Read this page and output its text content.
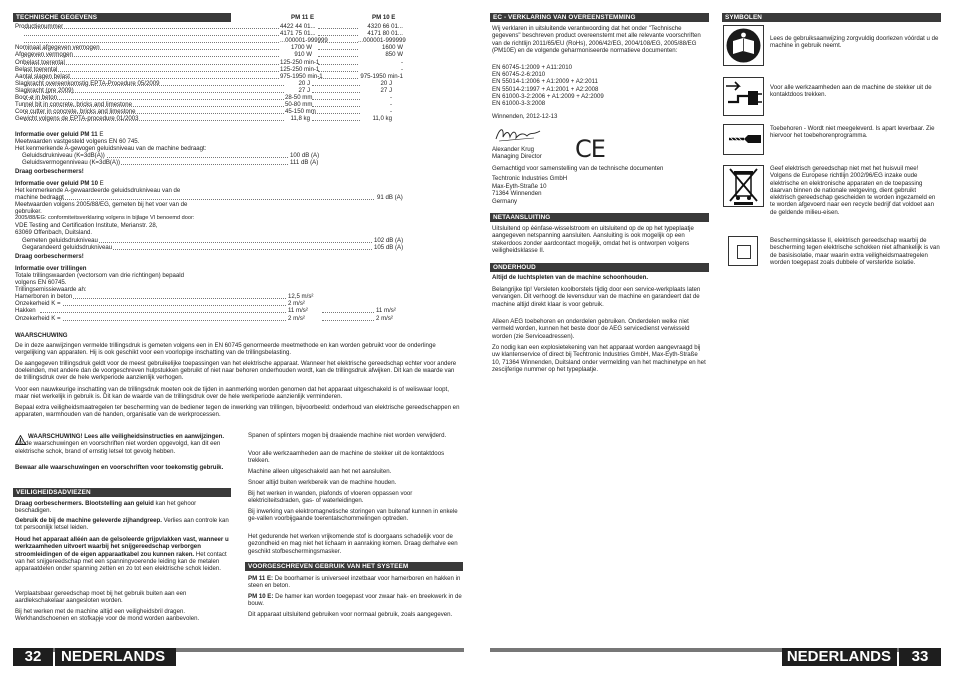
TECHNISCHE GEGEVENS	PM 11 E	PM 10 E
Productienummer	4422 44 01...	4320 66 01...
4171 75 01...	4171 80 01...
...000001-999999	...000001-999999
Nominaal afgegeven vermogen	1700 W	1600 W
Afgegeven vermogen	910 W	850 W
Onbelast toerental	125-250 min-1	-
Belast toerental	125-250 min-1	-
Aantal slagen belast	975-1950 min-1	975-1950 min-1
Slagkracht overeenkomstig EPTA-Procedure 05/2009	20 J	20 J
Slagkracht (pre 2009)	27 J	27 J
Boor-ø in beton	28-50 mm	-
Tunnel bit in concrete, bricks and limestone	50-80 mm	-
Core cutter in concrete, bricks and limestone	45-150 mm	-
Gewicht volgens de EPTA-procedure 01/2003	11,8 kg	11,0 kg
Informatie over geluid PM 11 E
Meetwaarden vastgesteld volgens EN 60 745.
Het kenmerkende A-gewogen geluidsniveau van de machine bedraagt:
Geluidsdrukniveau (K=3dB(A))	100 dB (A)
Geluidsvermogenniveau (K=3dB(A))	111 dB (A)
Draag oorbeschermers!
Informatie over geluid PM 10 E
Het kenmerkende A-gewaardeerde geluidsdrukniveau van de
machine bedraagt	91 dB (A)
Meetwaarden volgens 2005/88/EG, gemeten bij het voer van de
gebruiker.
2005/88/EG: conformiteitsverklaring volgens in bijlage VI benoemd door:
VDE Testing and Certification Institute, Merianstr. 28,
63069 Offenbach, Duitsland.
Gemeten geluidsdrukniveau	102 dB (A)
Gegarandeerd geluidsdrukniveau	105 dB (A)
Draag oorbeschermers!
Informatie over trillingen
Totale trillingswaarden (vectorsom van drie richtingen) bepaald
volgens EN 60745.
Trillingsemissiewaarde ah:
Hamerboren in beton	12,5 m/s²
Onzekerheid K =	2 m/s²
Hakken	11 m/s²	11 m/s²
Onzekerheid K =	2 m/s²	2 m/s²
WAARSCHUWING
De in deze aanwijzingen vermelde trillingsdruk is gemeten volgens een in EN 60745 genormeerde meetmethode en kan worden gebruikt voor de onderlinge vergelijking van apparaten. Hij is ook geschikt voor een voorlopige inschatting van de trillingsbelasting.
De aangegeven trillingsdruk geldt voor de meest gebruikelijke toepassingen van het elektrische apparaat. Wanneer het elektrische gereedschap echter voor andere doeleinden, met andere dan de voorgeschreven hulpstukken gebruikt of niet naar behoren onderhouden wordt, kan de trillingsdruk afwijken. Dit kan de waarde van de trillingsdruk over de hele werkperiode aanzienlijk verhogen.
Voor een nauwkeurige inschatting van de trillingsdruk moeten ook de tijden in aanmerking worden genomen dat het apparaat uitgeschakeld is of weliswaar loopt, maar niet werkelijk in gebruik is. Dit kan de waarde van de trillingsdruk over de hele werkperiode aanzienlijk verminderen.
Bepaal extra veiligheidsmaatregelen ter bescherming van de bediener tegen de inwerking van trillingen, bijvoorbeeld: onderhoud van elektrische gereedschappen en apparaten, warmhouden van de handen, organisatie van de werkprocessen.
WAARSCHUWING! Lees alle veiligheidsinstructies en aanwijzingen. Als de waarschuwingen en voorschriften niet worden opgevolgd, kan dit een elektrische schok, brand of ernstig letsel tot gevolg hebben.
Bewaar alle waarschuwingen en voorschriften voor toekomstig gebruik.
VEILIGHEIDSADVIEZEN
Draag oorbeschermers. Blootstelling aan geluid kan het gehoor beschadigen.
Gebruik de bij de machine geleverde zijhandgreep. Verlies aan controle kan tot persoonlijk letsel leiden.
Houd het apparaat alléén aan de geïsoleerde grijpvlakken vast, wanneer u werkzaamheden uitvoert waarbij het snijgereedschap verborgen stroomleidingen of de eigen apparaatkabel zou kunnen raken. Het contact van het snijgereedschap met een spanningvoerende leiding kan de metalen apparaatdelen onder spanning zetten en zo tot een elektrische schok leiden.
Verplaatsbaar gereedschap moet bij het gebruik buiten aan een aardlekschakelaar aangesloten worden.
Bij het werken met de machine altijd een veiligheidsbril dragen. Werkhandschoenen en stofkapje voor de mond worden aanbevolen.
Spanen of splinters mogen bij draaiende machine niet worden verwijderd.
Voor alle werkzaamheden aan de machine de stekker uit de kontaktdoos trekken.
Machine alleen uitgeschakeld aan het net aansluiten.
Snoer altijd buiten werkbereik van de machine houden.
Bij het werken in wanden, plafonds of vloeren oppassen voor elektriciteitsdraden, gas- of waterleidingen.
Bij inwerking van elektromagnetische storingen van buitenaf kunnen in enkele ge-vallen voorbijgaande toerentalschommelingen optreden.
Het gedurende het werken vrijkomende stof is doorgaans schadelijk voor de gezondheid en mag niet het lichaam in aanraking komen. Draag derhalve een geschikt stofbeschermingsmasker.
VOORGESCHREVEN GEBRUIK VAN HET SYSTEEM
PM 11 E: De boorhamer is universeel inzetbaar voor hamerboren en hakken in steen en beton.
PM 10 E: De hamer kan worden toegepast voor zwaar hak- en breekwerk in de bouw.
Dit apparaat uitsluitend gebruiken voor normaal gebruik, zoals aangegeven.
32	NEDERLANDS
EC - VERKLARING VAN OVEREENSTEMMING
Wij verklaren in uitsluitende verantwoording dat het onder "Technische gegevens" beschreven product overeenstemt met alle relevante voorschriften van de richtlijn 2011/65/EU (RoHs), 2006/42/EG, 2004/108/EG, 2005/88/EG (PM10E) en de volgende geharmoniseerde normatieve documenten:
EN 60745-1:2009 + A11:2010
EN 60745-2-6:2010
EN 55014-1:2006 + A1:2009 + A2:2011
EN 55014-2:1997 + A1:2001 + A2:2008
EN 61000-3-2:2006 + A1:2009 + A2:2009
EN 61000-3-3:2008
Winnenden, 2012-12-13
Alexander Krug
Managing Director CE
Gemachtigd voor samenstelling van de technische documenten
Techtronic Industries GmbH
Max-Eyth-Straße 10
71364 Winnenden
Germany
NETAANSLUITING
Uitsluitend op éénfase-wisselstroom en uitsluitend op de op het typeplaatje aangegeven netspanning aansluiten. Aansluiting is ook mogelijk op een stekerdoos zonder aardcontact mogelijk, omdat het is ontworpen volgens veiligheidsklasse II.
ONDERHOUD
Altijd de luchtspleten van de machine schoonhouden.
Belangrijke tip! Versleten koolborstels tijdig door een service-werkplaats laten vervangen. Dit verhoogt de levensduur van de machine en garandeert dat de machine altijd direkt klaar is voor gebruik.
Alleen AEG toebehoren en onderdelen gebruiken. Onderdelen welke niet vermeld worden, kunnen het beste door de AEG servicedienst verwisseld worden (zie Serviceadressen).
Zo nodig kan een explosietekening van het apparaat worden aangevraagd bij uw klantenservice of direct bij Techtronic Industries GmbH, Max-Eyth-Straße 10, 71364 Winnenden, Duitsland onder vermelding van het machinetype en het zescijferige nummer op het typeplaatje.
SYMBOLEN
Lees de gebruiksaanwijzing zorgvuldig doorlezen vóórdat u de machine in gebruik neemt.
Voor alle werkzaamheden aan de machine de stekker uit de kontaktdoos trekken.
Toebehoren - Wordt niet meegeleverd. Is apart leverbaar. Zie hiervoor het toebehorenprogramma.
Geef elektrisch gereedschap niet met het huisvuil mee! Volgens de Europese richtlijn 2002/96/EG inzake oude elektrische en elektronische apparaten en de toepassing daarvan binnen de nationale wetgeving, dient gebruikt elektrisch gereedschap gescheiden te worden ingezameld en te worden afgevoerd naar een recycle bedrijf dat voldoet aan de geldende milieu-eisen.
Beschermingsklasse II, elektrisch gereedschap waarbij de bescherming tegen elektrische schokken niet afhankelijk is van de basisisolatie, maar waarin extra veiligheidsmaatregelen worden toegepast zoals dubbele of versterkte isolatie.
NEDERLANDS	33
